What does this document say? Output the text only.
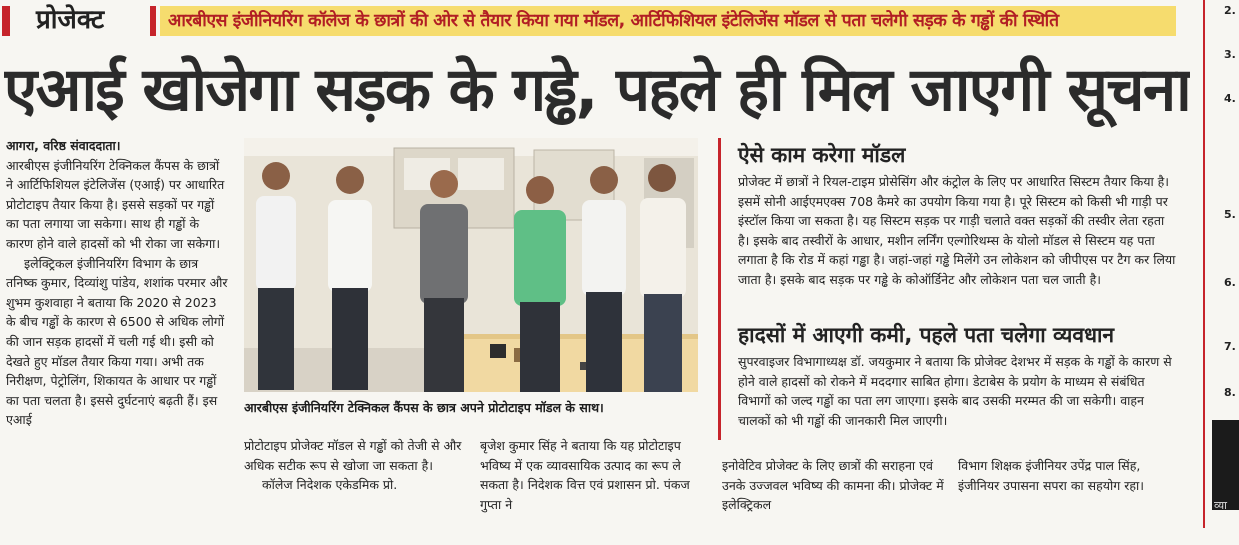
प्रोजेक्ट	आरबीएस इंजीनियरिंग कॉलेज के छात्रों की ओर से तैयार किया गया मॉडल, आर्टिफिशियल इंटेलिजेंस मॉडल से पता चलेगी सड़क के गड्ढों की स्थिति
एआई खोजेगा सड़क के गड्ढे, पहले ही मिल जाएगी सूचना

आगरा, वरिष्ठ संवाददाता।

आरबीएस इंजीनियरिंग टेक्निकल कैंपस के छात्रों ने आर्टिफिशियल इंटेलिजेंस (एआई) पर आधारित प्रोटोटाइप तैयार किया है। इससे सड़कों पर गड्ढों का पता लगाया जा सकेगा। साथ ही गड्ढों के कारण होने वाले हादसों को भी रोका जा सकेगा।

इलेक्ट्रिकल इंजीनियरिंग विभाग के छात्र तनिष्क कुमार, दिव्यांशु पांडेय, शशांक परमार और शुभम कुशवाहा ने बताया कि 2020 से 2023 के बीच गड्ढों के कारण से 6500 से अधिक लोगों की जान सड़क हादसों में चली गई थी। इसी को देखते हुए मॉडल तैयार किया गया। अभी तक निरीक्षण, पेट्रोलिंग, शिकायत के आधार पर गड्ढों का पता चलता है। इससे दुर्घटनाएं बढ़ती हैं। इस एआई

आरबीएस इंजीनियरिंग टेक्निकल कैंपस के छात्र अपने प्रोटोटाइप मॉडल के साथ।

प्रोटोटाइप प्रोजेक्ट मॉडल से गड्ढों को तेजी से और अधिक सटीक रूप से खोजा जा सकता है।

कॉलेज निदेशक एकेडमिक प्रो.

बृजेश कुमार सिंह ने बताया कि यह प्रोटोटाइप भविष्य में एक व्यावसायिक उत्पाद का रूप ले सकता है। निदेशक वित्त एवं प्रशासन प्रो. पंकज गुप्ता ने

ऐसे काम करेगा मॉडल
प्रोजेक्ट में छात्रों ने रियल-टाइम प्रोसेसिंग और कंट्रोल के लिए पर आधारित सिस्टम तैयार किया है। इसमें सोनी आईएमएक्स 708 कैमरे का उपयोग किया गया है। पूरे सिस्टम को किसी भी गाड़ी पर इंस्टॉल किया जा सकता है। यह सिस्टम सड़क पर गाड़ी चलाते वक्त सड़कों की तस्वीर लेता रहता है। इसके बाद तस्वीरों के आधार, मशीन लर्निंग एल्गोरिथम्स के योलो मॉडल से सिस्टम यह पता लगाता है कि रोड में कहां गड्ढा है। जहां-जहां गड्ढे मिलेंगे उन लोकेशन को जीपीएस पर टैग कर लिया जाता है। इसके बाद सड़क पर गड्ढे के कोऑर्डिनेट और लोकेशन पता चल जाती है।
हादसों में आएगी कमी, पहले पता चलेगा व्यवधान
सुपरवाइजर विभागाध्यक्ष डॉ. जयकुमार ने बताया कि प्रोजेक्ट देशभर में सड़क के गड्ढों के कारण से होने वाले हादसों को रोकने में मददगार साबित होगा। डेटाबेस के प्रयोग के माध्यम से संबंधित विभागों को जल्द गड्ढों का पता लग जाएगा। इसके बाद उसकी मरम्मत की जा सकेगी। वाहन चालकों को भी गड्ढों की जानकारी मिल जाएगी।

इनोवेटिव प्रोजेक्ट के लिए छात्रों की सराहना एवं उनके उज्जवल भविष्य की कामना की। प्रोजेक्ट में इलेक्ट्रिकल

विभाग शिक्षक इंजीनियर उपेंद्र पाल सिंह, इंजीनियर उपासना सपरा का सहयोग रहा।

2.
3.
4.
5.
6.
7.
8.
व्या
